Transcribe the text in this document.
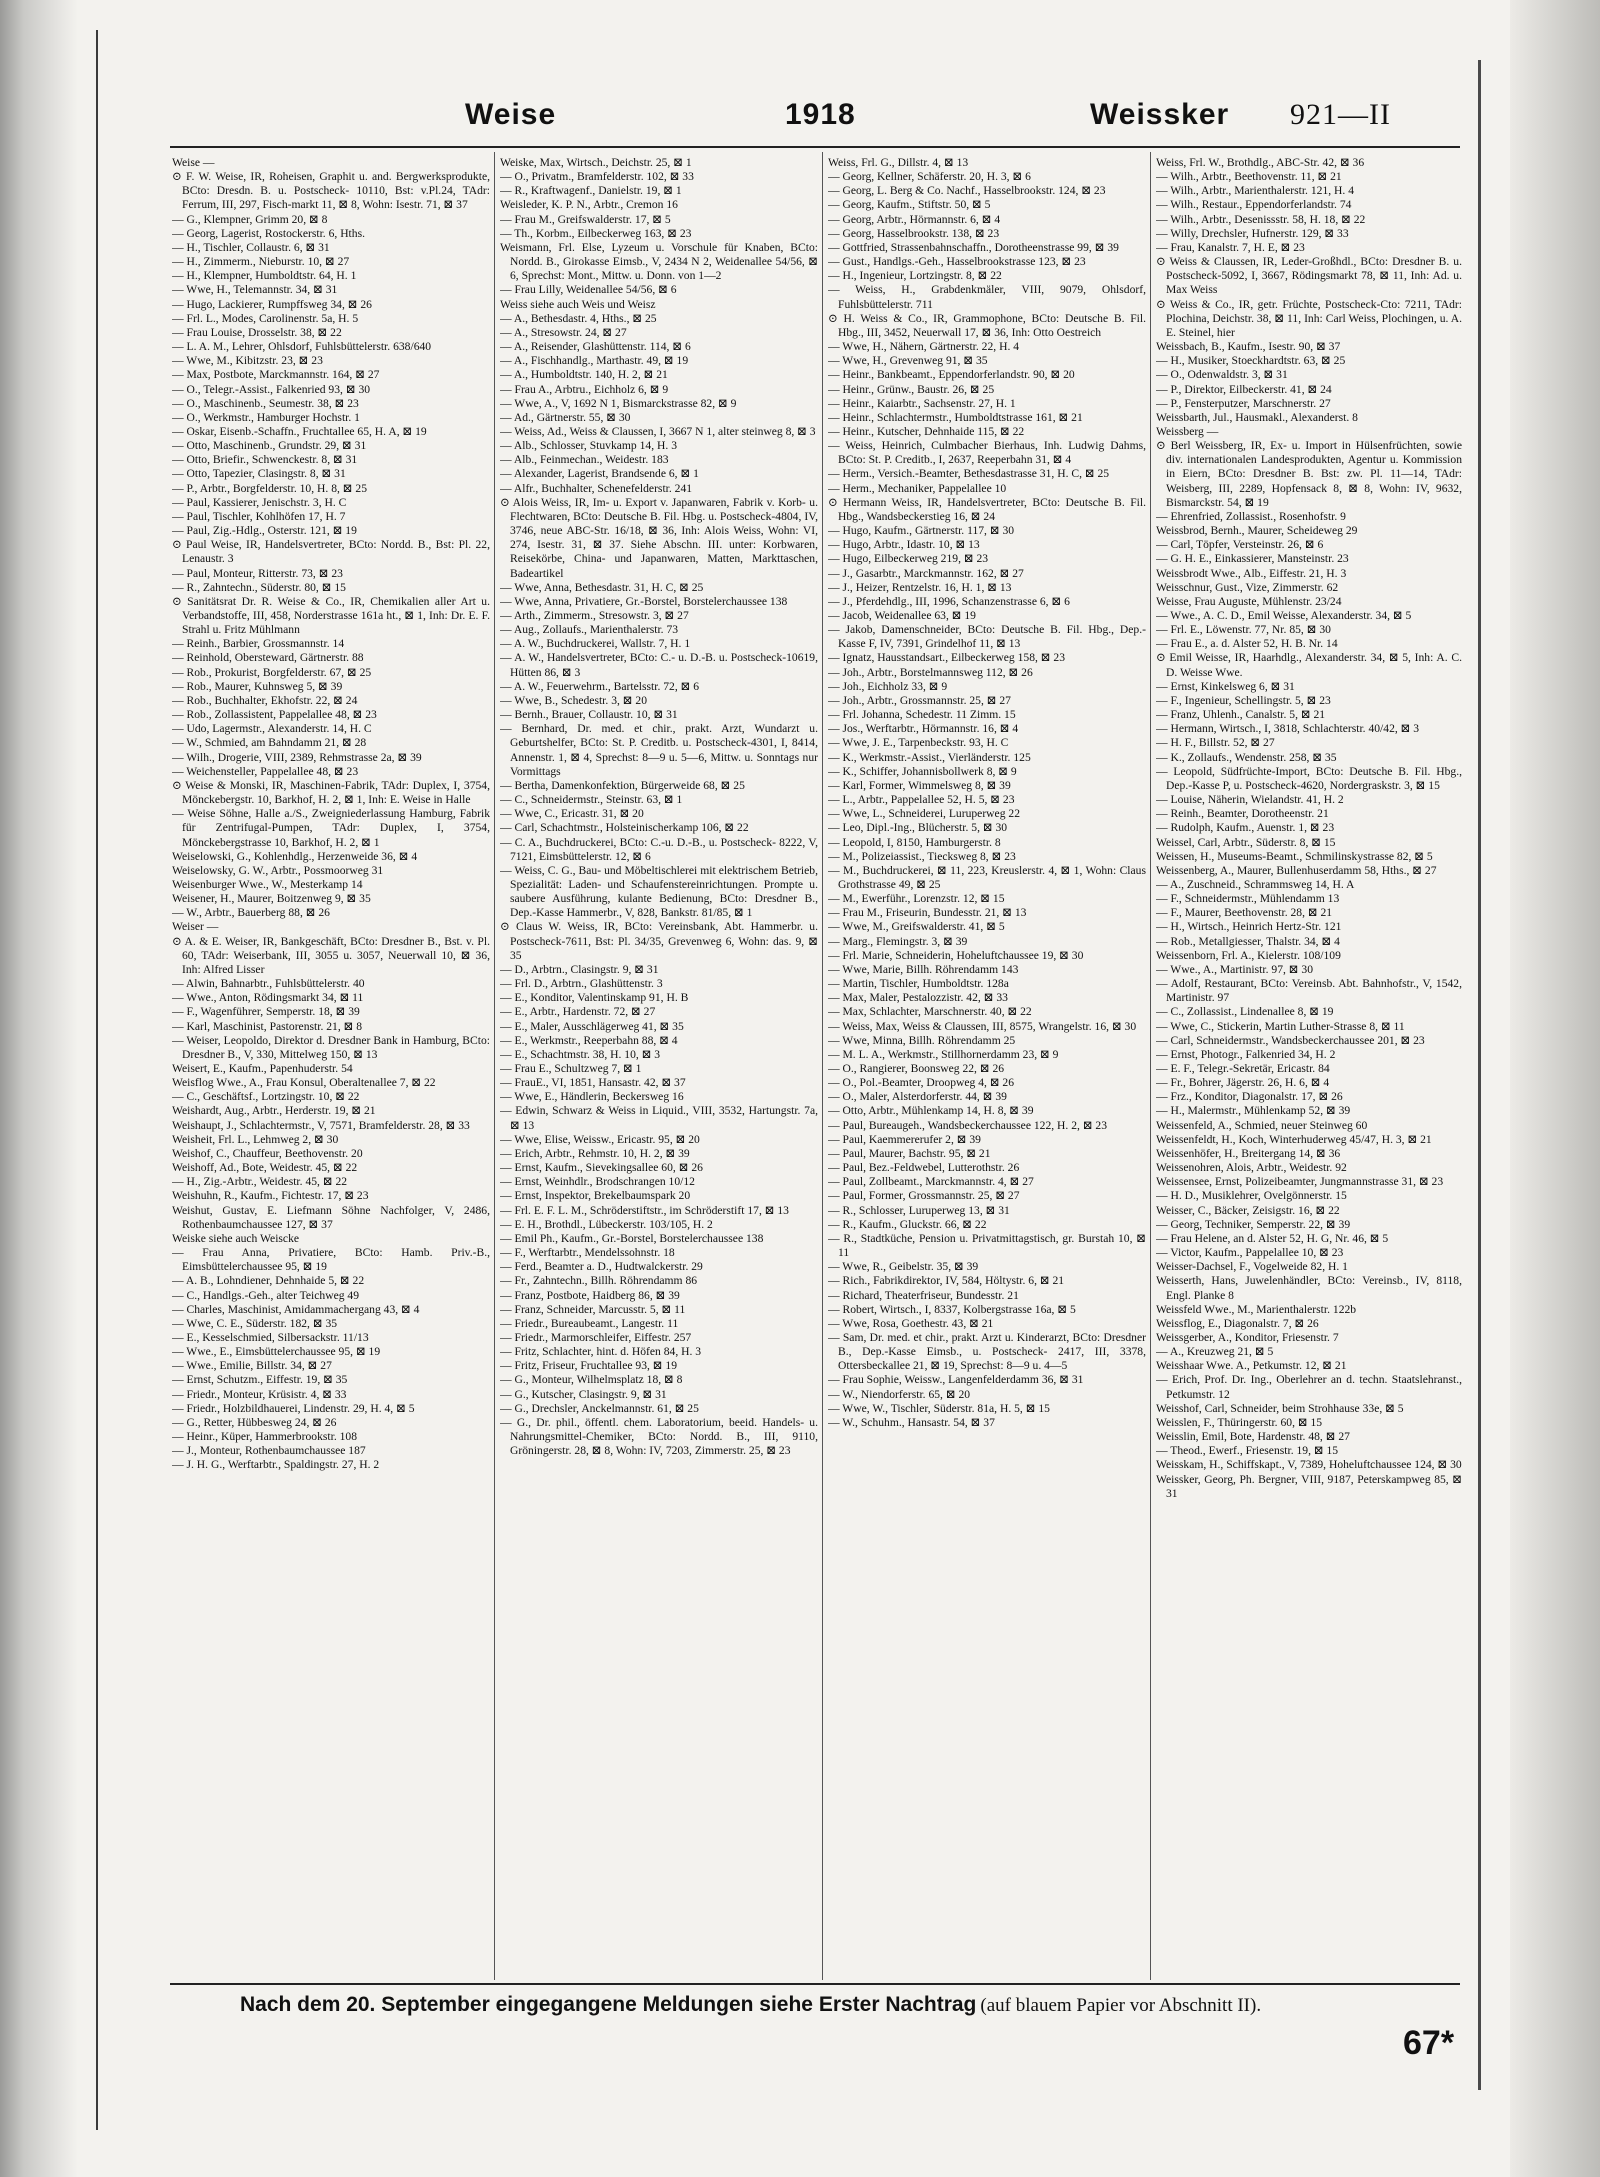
Weise	1918	Weissker 921—II

Weise —

⊙ F. W. Weise, IR, Roheisen, Graphit u. and. Bergwerksprodukte, BCto: Dresdn. B. u. Postscheck- 10110, Bst: v.Pl.24, TAdr: Ferrum, III, 297, Fisch-markt 11, ⊠ 8, Wohn: Isestr. 71, ⊠ 37

— G., Klempner, Grimm 20, ⊠ 8

— Georg, Lagerist, Rostockerstr. 6, Hths.

— H., Tischler, Collaustr. 6, ⊠ 31

— H., Zimmerm., Nieburstr. 10, ⊠ 27

— H., Klempner, Humboldtstr. 64, H. 1

— Wwe, H., Telemannstr. 34, ⊠ 31

— Hugo, Lackierer, Rumpffsweg 34, ⊠ 26

— Frl. L., Modes, Carolinenstr. 5a, H. 5

— Frau Louise, Drosselstr. 38, ⊠ 22

— L. A. M., Lehrer, Ohlsdorf, Fuhlsbüttelerstr. 638/640

— Wwe, M., Kibitzstr. 23, ⊠ 23

— Max, Postbote, Marckmannstr. 164, ⊠ 27

— O., Telegr.-Assist., Falkenried 93, ⊠ 30

— O., Maschinenb., Seumestr. 38, ⊠ 23

— O., Werkmstr., Hamburger Hochstr. 1

— Oskar, Eisenb.-Schaffn., Fruchtallee 65, H. A, ⊠ 19

— Otto, Maschinenb., Grundstr. 29, ⊠ 31

— Otto, Briefir., Schwenckestr. 8, ⊠ 31

— Otto, Tapezier, Clasingstr. 8, ⊠ 31

— P., Arbtr., Borgfelderstr. 10, H. 8, ⊠ 25

— Paul, Kassierer, Jenischstr. 3, H. C

— Paul, Tischler, Kohlhöfen 17, H. 7

— Paul, Zig.-Hdlg., Osterstr. 121, ⊠ 19

⊙ Paul Weise, IR, Handelsvertreter, BCto: Nordd. B., Bst: Pl. 22, Lenaustr. 3

— Paul, Monteur, Ritterstr. 73, ⊠ 23

— R., Zahntechn., Süderstr. 80, ⊠ 15

⊙ Sanitätsrat Dr. R. Weise & Co., IR, Chemikalien aller Art u. Verbandstoffe, III, 458, Norderstrasse 161a ht., ⊠ 1, Inh: Dr. E. F. Strahl u. Fritz Mühlmann

— Reinh., Barbier, Grossmannstr. 14

— Reinhold, Obersteward, Gärtnerstr. 88

— Rob., Prokurist, Borgfelderstr. 67, ⊠ 25

— Rob., Maurer, Kuhnsweg 5, ⊠ 39

— Rob., Buchhalter, Ekhofstr. 22, ⊠ 24

— Rob., Zollassistent, Pappelallee 48, ⊠ 23

— Udo, Lagermstr., Alexanderstr. 14, H. C

— W., Schmied, am Bahndamm 21, ⊠ 28

— Wilh., Drogerie, VIII, 2389, Rehmstrasse 2a, ⊠ 39

— Weichensteller, Pappelallee 48, ⊠ 23

⊙ Weise & Monski, IR, Maschinen-Fabrik, TAdr: Duplex, I, 3754, Mönckebergstr. 10, Barkhof, H. 2, ⊠ 1, Inh: E. Weise in Halle

— Weise Söhne, Halle a./S., Zweigniederlassung Hamburg, Fabrik für Zentrifugal-Pumpen, TAdr: Duplex, I, 3754, Mönckebergstrasse 10, Barkhof, H. 2, ⊠ 1

Weiselowski, G., Kohlenhdlg., Herzenweide 36, ⊠ 4

Weiselowsky, G. W., Arbtr., Possmoorweg 31

Weisenburger Wwe., W., Mesterkamp 14

Weisener, H., Maurer, Boitzenweg 9, ⊠ 35

— W., Arbtr., Bauerberg 88, ⊠ 26

Weiser —

⊙ A. & E. Weiser, IR, Bankgeschäft, BCto: Dresdner B., Bst. v. Pl. 60, TAdr: Weiserbank, III, 3055 u. 3057, Neuerwall 10, ⊠ 36, Inh: Alfred Lisser

— Alwin, Bahnarbtr., Fuhlsbüttelerstr. 40

— Wwe., Anton, Rödingsmarkt 34, ⊠ 11

— F., Wagenführer, Semperstr. 18, ⊠ 39

— Karl, Maschinist, Pastorenstr. 21, ⊠ 8

— Weiser, Leopoldo, Direktor d. Dresdner Bank in Hamburg, BCto: Dresdner B., V, 330, Mittelweg 150, ⊠ 13

Weisert, E., Kaufm., Papenhuderstr. 54

Weisflog Wwe., A., Frau Konsul, Oberaltenallee 7, ⊠ 22

— C., Geschäftsf., Lortzingstr. 10, ⊠ 22

Weishardt, Aug., Arbtr., Herderstr. 19, ⊠ 21

Weishaupt, J., Schlachtermstr., V, 7571, Bramfelderstr. 28, ⊠ 33

Weisheit, Frl. L., Lehmweg 2, ⊠ 30

Weishof, C., Chauffeur, Beethovenstr. 20

Weishoff, Ad., Bote, Weidestr. 45, ⊠ 22

— H., Zig.-Arbtr., Weidestr. 45, ⊠ 22

Weishuhn, R., Kaufm., Fichtestr. 17, ⊠ 23

Weishut, Gustav, E. Liefmann Söhne Nachfolger, V, 2486, Rothenbaumchaussee 127, ⊠ 37

Weiske siehe auch Weiscke

— Frau Anna, Privatiere, BCto: Hamb. Priv.-B., Eimsbüttelerchaussee 95, ⊠ 19

— A. B., Lohndiener, Dehnhaide 5, ⊠ 22

— C., Handlgs.-Geh., alter Teichweg 49

— Charles, Maschinist, Amidammachergang 43, ⊠ 4

— Wwe, C. E., Süderstr. 182, ⊠ 35

— E., Kesselschmied, Silbersackstr. 11/13

— Wwe., E., Eimsbüttelerchaussee 95, ⊠ 19

— Wwe., Emilie, Billstr. 34, ⊠ 27

— Ernst, Schutzm., Eiffestr. 19, ⊠ 35

— Friedr., Monteur, Krüsistr. 4, ⊠ 33

— Friedr., Holzbildhauerei, Lindenstr. 29, H. 4, ⊠ 5

— G., Retter, Hübbesweg 24, ⊠ 26

— Heinr., Küper, Hammerbrookstr. 108

— J., Monteur, Rothenbaumchaussee 187

— J. H. G., Werftarbtr., Spaldingstr. 27, H. 2

Weiske, Max, Wirtsch., Deichstr. 25, ⊠ 1

— O., Privatm., Bramfelderstr. 102, ⊠ 33

— R., Kraftwagenf., Danielstr. 19, ⊠ 1

Weisleder, K. P. N., Arbtr., Cremon 16

— Frau M., Greifswalderstr. 17, ⊠ 5

— Th., Korbm., Eilbeckerweg 163, ⊠ 23

Weismann, Frl. Else, Lyzeum u. Vorschule für Knaben, BCto: Nordd. B., Girokasse Eimsb., V, 2434 N 2, Weidenallee 54/56, ⊠ 6, Sprechst: Mont., Mittw. u. Donn. von 1—2

— Frau Lilly, Weidenallee 54/56, ⊠ 6

Weiss siehe auch Weis und Weisz

— A., Bethesdastr. 4, Hths., ⊠ 25

— A., Stresowstr. 24, ⊠ 27

— A., Reisender, Glashüttenstr. 114, ⊠ 6

— A., Fischhandlg., Marthastr. 49, ⊠ 19

— A., Humboldtstr. 140, H. 2, ⊠ 21

— Frau A., Arbtru., Eichholz 6, ⊠ 9

— Wwe, A., V, 1692 N 1, Bismarckstrasse 82, ⊠ 9

— Ad., Gärtnerstr. 55, ⊠ 30

— Weiss, Ad., Weiss & Claussen, I, 3667 N 1, alter steinweg 8, ⊠ 3

— Alb., Schlosser, Stuvkamp 14, H. 3

— Alb., Feinmechan., Weidestr. 183

— Alexander, Lagerist, Brandsende 6, ⊠ 1

— Alfr., Buchhalter, Schenefelderstr. 241

⊙ Alois Weiss, IR, Im- u. Export v. Japanwaren, Fabrik v. Korb- u. Flechtwaren, BCto: Deutsche B. Fil. Hbg. u. Postscheck-4804, IV, 3746, neue ABC-Str. 16/18, ⊠ 36, Inh: Alois Weiss, Wohn: VI, 274, Isestr. 31, ⊠ 37. Siehe Abschn. III. unter: Korbwaren, Reisekörbe, China- und Japanwaren, Matten, Markttaschen, Badeartikel

— Wwe, Anna, Bethesdastr. 31, H. C, ⊠ 25

— Wwe, Anna, Privatiere, Gr.-Borstel, Borstelerchaussee 138

— Arth., Zimmerm., Stresowstr. 3, ⊠ 27

— Aug., Zollaufs., Marienthalerstr. 73

— A. W., Buchdruckerei, Wallstr. 7, H. 1

— A. W., Handelsvertreter, BCto: C.- u. D.-B. u. Postscheck-10619, Hütten 86, ⊠ 3

— A. W., Feuerwehrm., Bartelsstr. 72, ⊠ 6

— Wwe, B., Schedestr. 3, ⊠ 20

— Bernh., Brauer, Collaustr. 10, ⊠ 31

— Bernhard, Dr. med. et chir., prakt. Arzt, Wundarzt u. Geburtshelfer, BCto: St. P. Creditb. u. Postscheck-4301, I, 8414, Annenstr. 1, ⊠ 4, Sprechst: 8—9 u. 5—6, Mittw. u. Sonntags nur Vormittags

— Bertha, Damenkonfektion, Bürgerweide 68, ⊠ 25

— C., Schneidermstr., Steinstr. 63, ⊠ 1

— Wwe, C., Ericastr. 31, ⊠ 20

— Carl, Schachtmstr., Holsteinischerkamp 106, ⊠ 22

— C. A., Buchdruckerei, BCto: C.-u. D.-B., u. Postscheck- 8222, V, 7121, Eimsbüttelerstr. 12, ⊠ 6

— Weiss, C. G., Bau- und Möbeltischlerei mit elektrischem Betrieb, Spezialität: Laden- und Schaufenstereinrichtungen. Prompte u. saubere Ausführung, kulante Bedienung, BCto: Dresdner B., Dep.-Kasse Hammerbr., V, 828, Bankstr. 81/85, ⊠ 1

⊙ Claus W. Weiss, IR, BCto: Vereinsbank, Abt. Hammerbr. u. Postscheck-7611, Bst: Pl. 34/35, Grevenweg 6, Wohn: das. 9, ⊠ 35

— D., Arbtrn., Clasingstr. 9, ⊠ 31

— Frl. D., Arbtrn., Glashüttenstr. 3

— E., Konditor, Valentinskamp 91, H. B

— E., Arbtr., Hardenstr. 72, ⊠ 27

— E., Maler, Ausschlägerweg 41, ⊠ 35

— E., Werkmstr., Reeperbahn 88, ⊠ 4

— E., Schachtmstr. 38, H. 10, ⊠ 3

— Frau E., Schultzweg 7, ⊠ 1

— FrauE., VI, 1851, Hansastr. 42, ⊠ 37

— Wwe, E., Händlerin, Beckersweg 16

— Edwin, Schwarz & Weiss in Liquid., VIII, 3532, Hartungstr. 7a, ⊠ 13

— Wwe, Elise, Weissw., Ericastr. 95, ⊠ 20

— Erich, Arbtr., Rehmstr. 10, H. 2, ⊠ 39

— Ernst, Kaufm., Sievekingsallee 60, ⊠ 26

— Ernst, Weinhdlr., Brodschrangen 10/12

— Ernst, Inspektor, Brekelbaumspark 20

— Frl. E. F. L. M., Schröderstiftstr., im Schröderstift 17, ⊠ 13

— E. H., Brothdl., Lübeckerstr. 103/105, H. 2

— Emil Ph., Kaufm., Gr.-Borstel, Borstelerchaussee 138

— F., Werftarbtr., Mendelssohnstr. 18

— Ferd., Beamter a. D., Hudtwalckerstr. 29

— Fr., Zahntechn., Billh. Röhrendamm 86

— Franz, Postbote, Haidberg 86, ⊠ 39

— Franz, Schneider, Marcusstr. 5, ⊠ 11

— Friedr., Bureaubeamt., Langestr. 11

— Friedr., Marmorschleifer, Eiffestr. 257

— Fritz, Schlachter, hint. d. Höfen 84, H. 3

— Fritz, Friseur, Fruchtallee 93, ⊠ 19

— G., Monteur, Wilhelmsplatz 18, ⊠ 8

— G., Kutscher, Clasingstr. 9, ⊠ 31

— G., Drechsler, Anckelmannstr. 61, ⊠ 25

— G., Dr. phil., öffentl. chem. Laboratorium, beeid. Handels- u. Nahrungsmittel-Chemiker, BCto: Nordd. B., III, 9110, Gröningerstr. 28, ⊠ 8, Wohn: IV, 7203, Zimmerstr. 25, ⊠ 23

Weiss, Frl. G., Dillstr. 4, ⊠ 13

— Georg, Kellner, Schäferstr. 20, H. 3, ⊠ 6

— Georg, L. Berg & Co. Nachf., Hasselbrookstr. 124, ⊠ 23

— Georg, Kaufm., Stiftstr. 50, ⊠ 5

— Georg, Arbtr., Hörmannstr. 6, ⊠ 4

— Georg, Hasselbrookstr. 138, ⊠ 23

— Gottfried, Strassenbahnschaffn., Dorotheenstrasse 99, ⊠ 39

— Gust., Handlgs.-Geh., Hasselbrookstrasse 123, ⊠ 23

— H., Ingenieur, Lortzingstr. 8, ⊠ 22

— Weiss, H., Grabdenkmäler, VIII, 9079, Ohlsdorf, Fuhlsbüttelerstr. 711

⊙ H. Weiss & Co., IR, Grammophone, BCto: Deutsche B. Fil. Hbg., III, 3452, Neuerwall 17, ⊠ 36, Inh: Otto Oestreich

— Wwe, H., Nähern, Gärtnerstr. 22, H. 4

— Wwe, H., Grevenweg 91, ⊠ 35

— Heinr., Bankbeamt., Eppendorferlandstr. 90, ⊠ 20

— Heinr., Grünw., Baustr. 26, ⊠ 25

— Heinr., Kaiarbtr., Sachsenstr. 27, H. 1

— Heinr., Schlachtermstr., Humboldtstrasse 161, ⊠ 21

— Heinr., Kutscher, Dehnhaide 115, ⊠ 22

— Weiss, Heinrich, Culmbacher Bierhaus, Inh. Ludwig Dahms, BCto: St. P. Creditb., I, 2637, Reeperbahn 31, ⊠ 4

— Herm., Versich.-Beamter, Bethesdastrasse 31, H. C, ⊠ 25

— Herm., Mechaniker, Pappelallee 10

⊙ Hermann Weiss, IR, Handelsvertreter, BCto: Deutsche B. Fil. Hbg., Wandsbeckerstieg 16, ⊠ 24

— Hugo, Kaufm., Gärtnerstr. 117, ⊠ 30

— Hugo, Arbtr., Idastr. 10, ⊠ 13

— Hugo, Eilbeckerweg 219, ⊠ 23

— J., Gasarbtr., Marckmannstr. 162, ⊠ 27

— J., Heizer, Rentzelstr. 16, H. 1, ⊠ 13

— J., Pferdehdlg., III, 1996, Schanzenstrasse 6, ⊠ 6

— Jacob, Weidenallee 63, ⊠ 19

— Jakob, Damenschneider, BCto: Deutsche B. Fil. Hbg., Dep.-Kasse F, IV, 7391, Grindelhof 11, ⊠ 13

— Ignatz, Hausstandsart., Eilbeckerweg 158, ⊠ 23

— Joh., Arbtr., Borstelmannsweg 112, ⊠ 26

— Joh., Eichholz 33, ⊠ 9

— Joh., Arbtr., Grossmannstr. 25, ⊠ 27

— Frl. Johanna, Schedestr. 11 Zimm. 15

— Jos., Werftarbtr., Hörmannstr. 16, ⊠ 4

— Wwe, J. E., Tarpenbeckstr. 93, H. C

— K., Werkmstr.-Assist., Vierländerstr. 125

— K., Schiffer, Johannisbollwerk 8, ⊠ 9

— Karl, Former, Wimmelsweg 8, ⊠ 39

— L., Arbtr., Pappelallee 52, H. 5, ⊠ 23

— Wwe, L., Schneiderei, Luruperweg 22

— Leo, Dipl.-Ing., Blücherstr. 5, ⊠ 30

— Leopold, I, 8150, Hamburgerstr. 8

— M., Polizeiassist., Tiecksweg 8, ⊠ 23

— M., Buchdruckerei, ⊠ 11, 223, Kreuslerstr. 4, ⊠ 1, Wohn: Claus Grothstrasse 49, ⊠ 25

— M., Ewerführ., Lorenzstr. 12, ⊠ 15

— Frau M., Friseurin, Bundesstr. 21, ⊠ 13

— Wwe, M., Greifswalderstr. 41, ⊠ 5

— Marg., Flemingstr. 3, ⊠ 39

— Frl. Marie, Schneiderin, Hoheluftchaussee 19, ⊠ 30

— Wwe, Marie, Billh. Röhrendamm 143

— Martin, Tischler, Humboldtstr. 128a

— Max, Maler, Pestalozzistr. 42, ⊠ 33

— Max, Schlachter, Marschnerstr. 40, ⊠ 22

— Weiss, Max, Weiss & Claussen, III, 8575, Wrangelstr. 16, ⊠ 30

— Wwe, Minna, Billh. Röhrendamm 25

— M. L. A., Werkmstr., Stillhornerdamm 23, ⊠ 9

— O., Rangierer, Boonsweg 22, ⊠ 26

— O., Pol.-Beamter, Droopweg 4, ⊠ 26

— O., Maler, Alsterdorferstr. 44, ⊠ 39

— Otto, Arbtr., Mühlenkamp 14, H. 8, ⊠ 39

— Paul, Bureaugeh., Wandsbeckerchaussee 122, H. 2, ⊠ 23

— Paul, Kaemmererufer 2, ⊠ 39

— Paul, Maurer, Bachstr. 95, ⊠ 21

— Paul, Bez.-Feldwebel, Lutterothstr. 26

— Paul, Zollbeamt., Marckmannstr. 4, ⊠ 27

— Paul, Former, Grossmannstr. 25, ⊠ 27

— R., Schlosser, Luruperweg 13, ⊠ 31

— R., Kaufm., Gluckstr. 66, ⊠ 22

— R., Stadtküche, Pension u. Privatmittagstisch, gr. Burstah 10, ⊠ 11

— Wwe, R., Geibelstr. 35, ⊠ 39

— Rich., Fabrikdirektor, IV, 584, Höltystr. 6, ⊠ 21

— Richard, Theaterfriseur, Bundesstr. 21

— Robert, Wirtsch., I, 8337, Kolbergstrasse 16a, ⊠ 5

— Wwe, Rosa, Goethestr. 43, ⊠ 21

— Sam, Dr. med. et chir., prakt. Arzt u. Kinderarzt, BCto: Dresdner B., Dep.-Kasse Eimsb., u. Postscheck- 2417, III, 3378, Ottersbeckallee 21, ⊠ 19, Sprechst: 8—9 u. 4—5

— Frau Sophie, Weissw., Langenfelderdamm 36, ⊠ 31

— W., Niendorferstr. 65, ⊠ 20

— Wwe, W., Tischler, Süderstr. 81a, H. 5, ⊠ 15

— W., Schuhm., Hansastr. 54, ⊠ 37

Weiss, Frl. W., Brothdlg., ABC-Str. 42, ⊠ 36

— Wilh., Arbtr., Beethovenstr. 11, ⊠ 21

— Wilh., Arbtr., Marienthalerstr. 121, H. 4

— Wilh., Restaur., Eppendorferlandstr. 74

— Wilh., Arbtr., Desenissstr. 58, H. 18, ⊠ 22

— Willy, Drechsler, Hufnerstr. 129, ⊠ 33

— Frau, Kanalstr. 7, H. E, ⊠ 23

⊙ Weiss & Claussen, IR, Leder-Großhdl., BCto: Dresdner B. u. Postscheck-5092, I, 3667, Rödingsmarkt 78, ⊠ 11, Inh: Ad. u. Max Weiss

⊙ Weiss & Co., IR, getr. Früchte, Postscheck-Cto: 7211, TAdr: Plochina, Deichstr. 38, ⊠ 11, Inh: Carl Weiss, Plochingen, u. A. E. Steinel, hier

Weissbach, B., Kaufm., Isestr. 90, ⊠ 37

— H., Musiker, Stoeckhardtstr. 63, ⊠ 25

— O., Odenwaldstr. 3, ⊠ 31

— P., Direktor, Eilbeckerstr. 41, ⊠ 24

— P., Fensterputzer, Marschnerstr. 27

Weissbarth, Jul., Hausmakl., Alexanderst. 8

Weissberg —

⊙ Berl Weissberg, IR, Ex- u. Import in Hülsenfrüchten, sowie div. internationalen Landesprodukten, Agentur u. Kommission in Eiern, BCto: Dresdner B. Bst: zw. Pl. 11—14, TAdr: Weisberg, III, 2289, Hopfensack 8, ⊠ 8, Wohn: IV, 9632, Bismarckstr. 54, ⊠ 19

— Ehrenfried, Zollassist., Rosenhofstr. 9

Weissbrod, Bernh., Maurer, Scheideweg 29

— Carl, Töpfer, Versteinstr. 26, ⊠ 6

— G. H. E., Einkassierer, Mansteinstr. 23

Weissbrodt Wwe., Alb., Eiffestr. 21, H. 3

Weisschnur, Gust., Vize, Zimmerstr. 62

Weisse, Frau Auguste, Mühlenstr. 23/24

— Wwe., A. C. D., Emil Weisse, Alexanderstr. 34, ⊠ 5

— Frl. E., Löwenstr. 77, Nr. 85, ⊠ 30

— Frau E., a. d. Alster 52, H. B. Nr. 14

⊙ Emil Weisse, IR, Haarhdlg., Alexanderstr. 34, ⊠ 5, Inh: A. C. D. Weisse Wwe.

— Ernst, Kinkelsweg 6, ⊠ 31

— F., Ingenieur, Schellingstr. 5, ⊠ 23

— Franz, Uhlenh., Canalstr. 5, ⊠ 21

— Hermann, Wirtsch., I, 3818, Schlachterstr. 40/42, ⊠ 3

— H. F., Billstr. 52, ⊠ 27

— K., Zollaufs., Wendenstr. 258, ⊠ 35

— Leopold, Südfrüchte-Import, BCto: Deutsche B. Fil. Hbg., Dep.-Kasse P, u. Postscheck-4620, Nordergraskstr. 3, ⊠ 15

— Louise, Näherin, Wielandstr. 41, H. 2

— Reinh., Beamter, Dorotheenstr. 21

— Rudolph, Kaufm., Auenstr. 1, ⊠ 23

Weissel, Carl, Arbtr., Süderstr. 8, ⊠ 15

Weissen, H., Museums-Beamt., Schmilinskystrasse 82, ⊠ 5

Weissenberg, A., Maurer, Bullenhuserdamm 58, Hths., ⊠ 27

— A., Zuschneid., Schrammsweg 14, H. A

— F., Schneidermstr., Mühlendamm 13

— F., Maurer, Beethovenstr. 28, ⊠ 21

— H., Wirtsch., Heinrich Hertz-Str. 121

— Rob., Metallgiesser, Thalstr. 34, ⊠ 4

Weissenborn, Frl. A., Kielerstr. 108/109

— Wwe., A., Martinistr. 97, ⊠ 30

— Adolf, Restaurant, BCto: Vereinsb. Abt. Bahnhofstr., V, 1542, Martinistr. 97

— C., Zollassist., Lindenallee 8, ⊠ 19

— Wwe, C., Stickerin, Martin Luther-Strasse 8, ⊠ 11

— Carl, Schneidermstr., Wandsbeckerchaussee 201, ⊠ 23

— Ernst, Photogr., Falkenried 34, H. 2

— E. F., Telegr.-Sekretär, Ericastr. 84

— Fr., Bohrer, Jägerstr. 26, H. 6, ⊠ 4

— Frz., Konditor, Diagonalstr. 17, ⊠ 26

— H., Malermstr., Mühlenkamp 52, ⊠ 39

Weissenfeld, A., Schmied, neuer Steinweg 60

Weissenfeldt, H., Koch, Winterhuderweg 45/47, H. 3, ⊠ 21

Weissenhöfer, H., Breitergang 14, ⊠ 36

Weissenohren, Alois, Arbtr., Weidestr. 92

Weissensee, Ernst, Polizeibeamter, Jungmannstrasse 31, ⊠ 23

— H. D., Musiklehrer, Ovelgönnerstr. 15

Weisser, C., Bäcker, Zeisigstr. 16, ⊠ 22

— Georg, Techniker, Semperstr. 22, ⊠ 39

— Frau Helene, an d. Alster 52, H. G, Nr. 46, ⊠ 5

— Victor, Kaufm., Pappelallee 10, ⊠ 23

Weisser-Dachsel, F., Vogelweide 82, H. 1

Weisserth, Hans, Juwelenhändler, BCto: Vereinsb., IV, 8118, Engl. Planke 8

Weissfeld Wwe., M., Marienthalerstr. 122b

Weissflog, E., Diagonalstr. 7, ⊠ 26

Weissgerber, A., Konditor, Friesenstr. 7

— A., Kreuzweg 21, ⊠ 5

Weisshaar Wwe. A., Petkumstr. 12, ⊠ 21

— Erich, Prof. Dr. Ing., Oberlehrer an d. techn. Staatslehranst., Petkumstr. 12

Weisshof, Carl, Schneider, beim Strohhause 33e, ⊠ 5

Weisslen, F., Thüringerstr. 60, ⊠ 15

Weisslin, Emil, Bote, Hardenstr. 48, ⊠ 27

— Theod., Ewerf., Friesenstr. 19, ⊠ 15

Weisskam, H., Schiffskapt., V, 7389, Hoheluftchaussee 124, ⊠ 30

Weissker, Georg, Ph. Bergner, VIII, 9187, Peterskampweg 85, ⊠ 31

Nach dem 20. September eingegangene Meldungen siehe Erster Nachtrag (auf blauem Papier vor Abschnitt II).
67*
